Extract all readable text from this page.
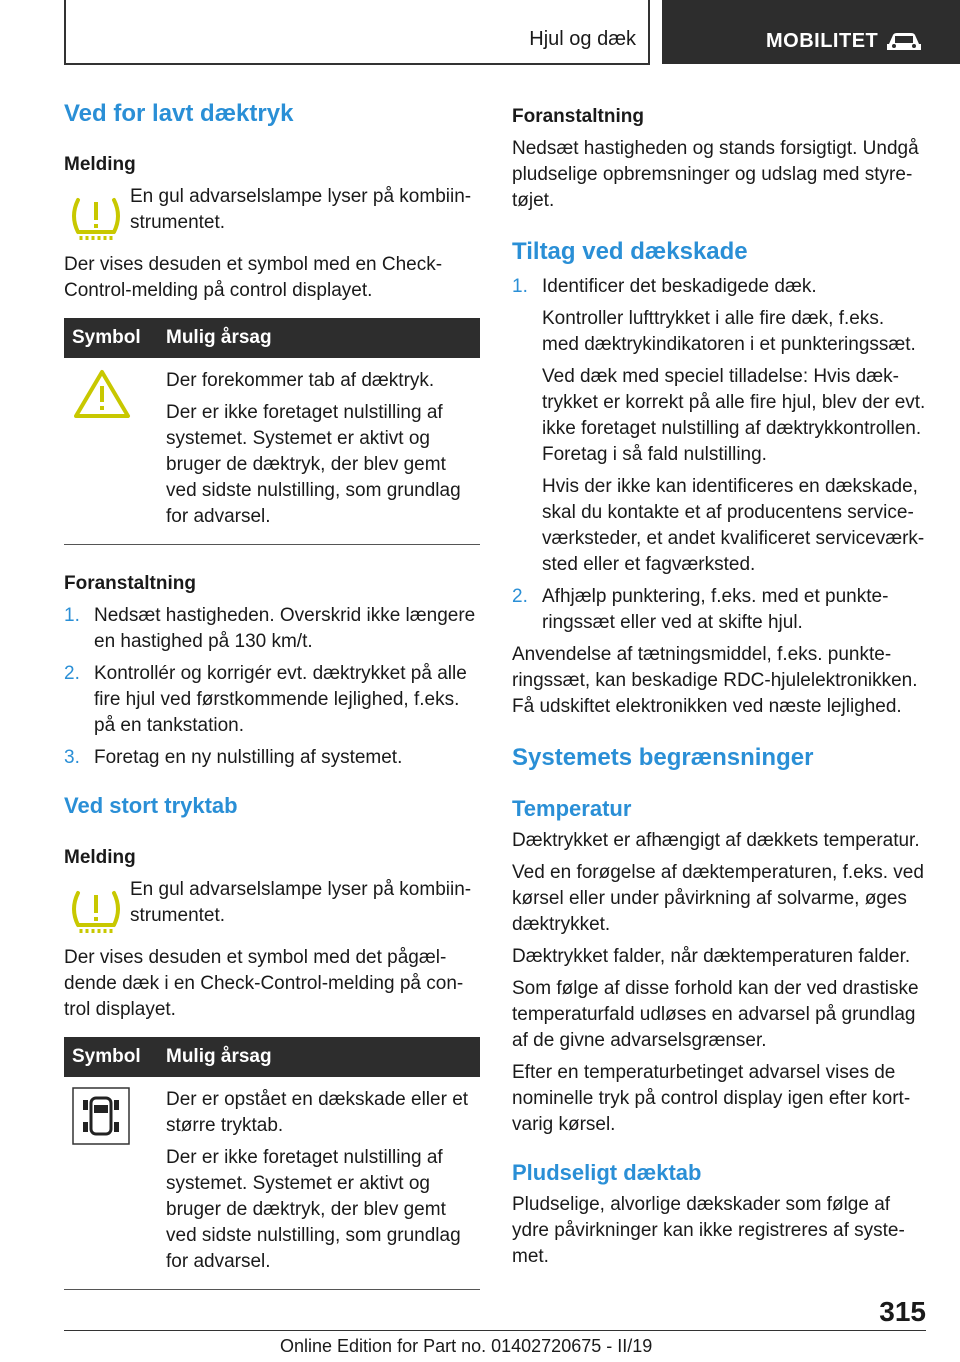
Hjul og dæk	MOBILITET
Ved for lavt dæktryk
Melding

En gul advarselslampe lyser på kombiinstrumentet.

Der vises desuden et symbol med en Check-Control-melding på control displayet.

Symbol	Mulig årsag

Der forekommer tab af dæktryk.

Der er ikke foretaget nulstilling af systemet. Systemet er aktivt og bruger de dæktryk, der blev gemt ved sidste nulstilling, som grundlag for advarsel.

Foranstaltning
1. Nedsæt hastigheden. Overskrid ikke længere en hastighed på 130 km/t.
2. Kontrollér og korrigér evt. dæktrykket på alle fire hjul ved førstkommende lejlighed, f.eks. på en tankstation.
3. Foretag en ny nulstilling af systemet.
Ved stort tryktab
Melding

En gul advarselslampe lyser på kombiinstrumentet.

Der vises desuden et symbol med det pågældende dæk i en Check-Control-melding på control displayet.

Symbol	Mulig årsag

Der er opstået en dækskade eller et større tryktab.

Der er ikke foretaget nulstilling af systemet. Systemet er aktivt og bruger de dæktryk, der blev gemt ved sidste nulstilling, som grundlag for advarsel.

Foranstaltning

Nedsæt hastigheden og stands forsigtigt. Undgå pludselige opbremsninger og udslag med styretøjet.

Tiltag ved dækskade
1. Identificer det beskadigede dæk.

Kontroller lufttrykket i alle fire dæk, f.eks. med dæktrykindikatoren i et punkteringssæt.

Ved dæk med speciel tilladelse: Hvis dæktrykket er korrekt på alle fire hjul, blev der evt. ikke foretaget nulstilling af dæktrykkontrollen. Foretag i så fald nulstilling.

Hvis der ikke kan identificeres en dækskade, skal du kontakte et af producentens serviceværksteder, et andet kvalificeret serviceværksted eller et fagværksted.

2. Afhjælp punktering, f.eks. med et punkteringssæt eller ved at skifte hjul.

Anvendelse af tætningsmiddel, f.eks. punkteringssæt, kan beskadige RDC-hjulelektronikken. Få udskiftet elektronikken ved næste lejlighed.

Systemets begrænsninger
Temperatur

Dæktrykket er afhængigt af dækkets temperatur.

Ved en forøgelse af dæktemperaturen, f.eks. ved kørsel eller under påvirkning af solvarme, øges dæktrykket.

Dæktrykket falder, når dæktemperaturen falder.

Som følge af disse forhold kan der ved drastiske temperaturfald udløses en advarsel på grundlag af de givne advarselsgrænser.

Efter en temperaturbetinget advarsel vises de nominelle tryk på control display igen efter kortvarig kørsel.

Pludseligt dæktab

Pludselige, alvorlige dækskader som følge af ydre påvirkninger kan ikke registreres af systemet.

315
Online Edition for Part no. 01402720675 - II/19
